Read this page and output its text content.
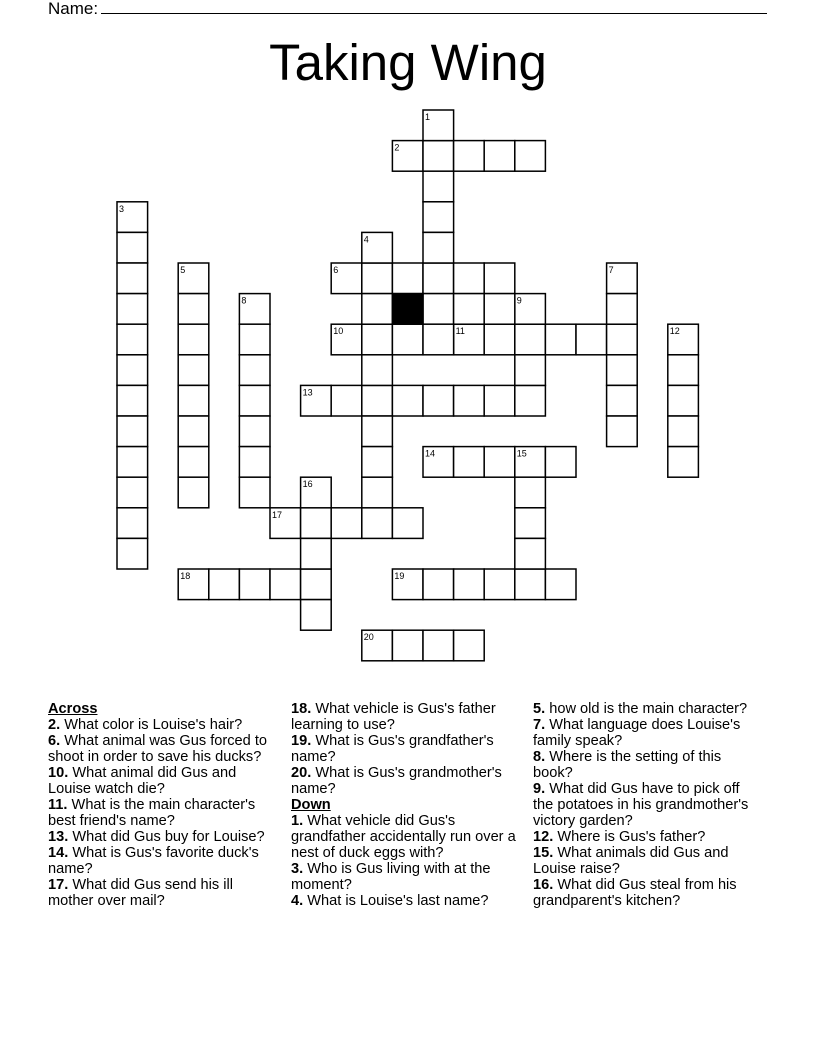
Name:
Taking Wing
1
2
3
4
5	6	7
8	9
10	11	12
13
14	15
16
17
18	19
20
Across
2. What color is Louise's hair?
6. What animal was Gus forced to shoot in order to save his ducks?
10. What animal did Gus and Louise watch die?
11. What is the main character's best friend's name?
13. What did Gus buy for Louise?
14. What is Gus's favorite duck's name?
17. What did Gus send his ill mother over mail?
18. What vehicle is Gus's father learning to use?
19. What is Gus's grandfather's name?
20. What is Gus's grandmother's name?
Down
1. What vehicle did Gus's grandfather accidentally run over a nest of duck eggs with?
3. Who is Gus living with at the moment?
4. What is Louise's last name?
5. how old is the main character?
7. What language does Louise's family speak?
8. Where is the setting of this book?
9. What did Gus have to pick off the potatoes in his grandmother's victory garden?
12. Where is Gus's father?
15. What animals did Gus and Louise raise?
16. What did Gus steal from his grandparent's kitchen?
